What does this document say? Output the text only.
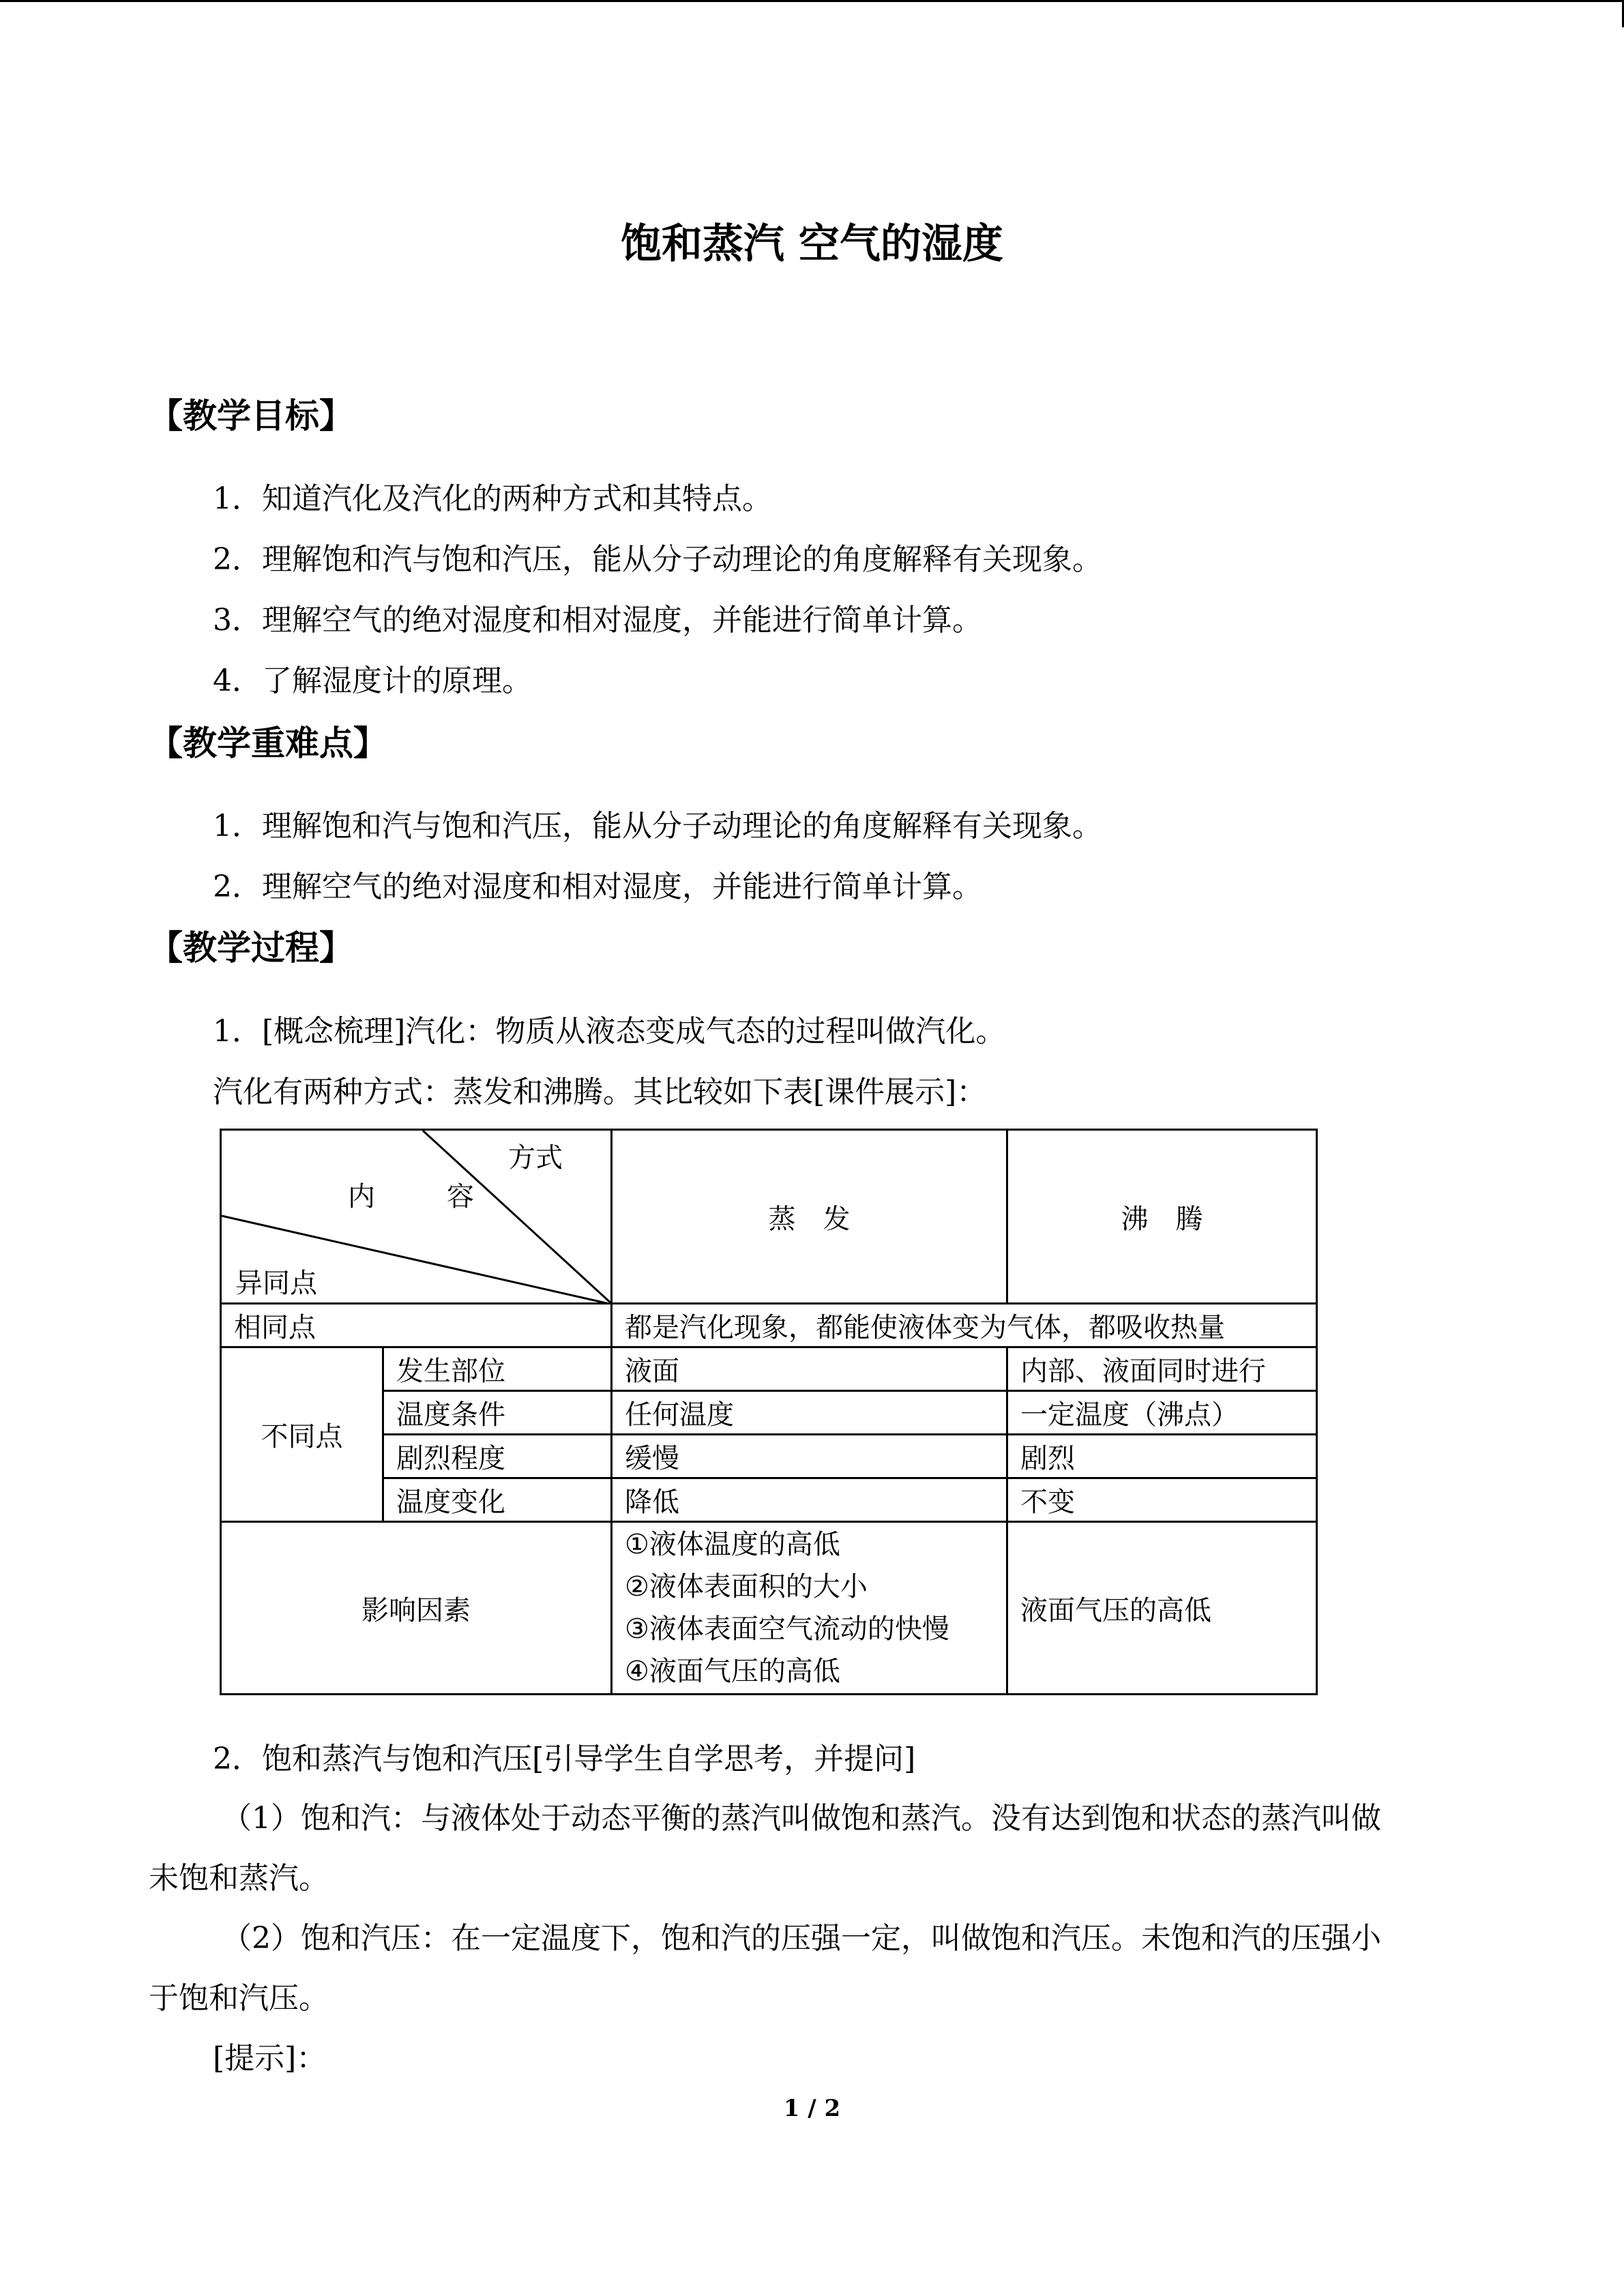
饱和蒸汽 空气的湿度
【教学目标】
1．知道汽化及汽化的两种方式和其特点。
2．理解饱和汽与饱和汽压，能从分子动理论的角度解释有关现象。
3．理解空气的绝对湿度和相对湿度，并能进行简单计算。
4．了解湿度计的原理。
【教学重难点】
1．理解饱和汽与饱和汽压，能从分子动理论的角度解释有关现象。
2．理解空气的绝对湿度和相对湿度，并能进行简单计算。
【教学过程】
1．[概念梳理]汽化：物质从液态变成气态的过程叫做汽化。
汽化有两种方式：蒸发和沸腾。其比较如下表[课件展示]：
方式
内 容
异同点		蒸　发	沸　腾
相同点		都是汽化现象，都能使液体变为气体，都吸收热量	
不同点	发生部位	液面	内部、液面同时进行
	温度条件	任何温度	一定温度（沸点）
	剧烈程度	缓慢	剧烈
	温度变化	降低	不变
影响因素		①液体温度的高低
②液体表面积的大小
③液体表面空气流动的快慢
④液面气压的高低	液面气压的高低
2．饱和蒸汽与饱和汽压[引导学生自学思考，并提问]
（1）饱和汽：与液体处于动态平衡的蒸汽叫做饱和蒸汽。没有达到饱和状态的蒸汽叫做
未饱和蒸汽。
（2）饱和汽压：在一定温度下，饱和汽的压强一定，叫做饱和汽压。未饱和汽的压强小
于饱和汽压。
[提示]：
1 / 2
